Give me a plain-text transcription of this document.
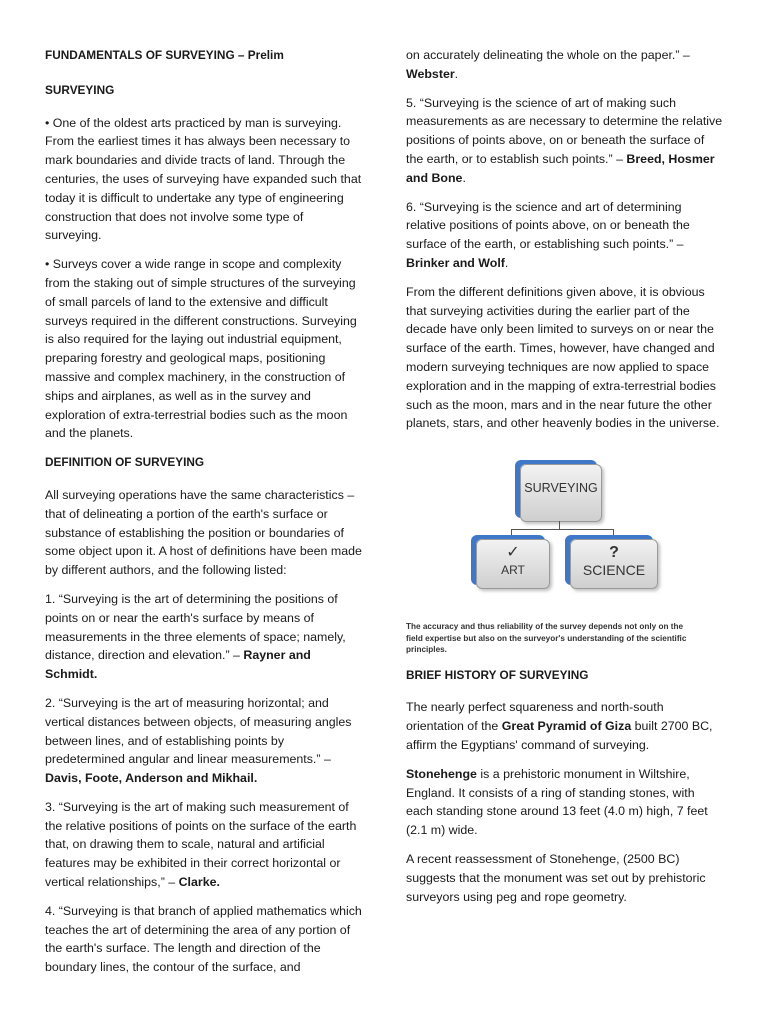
FUNDAMENTALS OF SURVEYING – Prelim

SURVEYING

• One of the oldest arts practiced by man is surveying. From the earliest times it has always been necessary to mark boundaries and divide tracts of land. Through the centuries, the uses of surveying have expanded such that today it is difficult to undertake any type of engineering construction that does not involve some type of surveying.

• Surveys cover a wide range in scope and complexity from the staking out of simple structures of the surveying of small parcels of land to the extensive and difficult surveys required in the different constructions. Surveying is also required for the laying out industrial equipment, preparing forestry and geological maps, positioning massive and complex machinery, in the construction of ships and airplanes, as well as in the survey and exploration of extra-terrestrial bodies such as the moon and the planets.

DEFINITION OF SURVEYING

All surveying operations have the same characteristics – that of delineating a portion of the earth's surface or substance of establishing the position or boundaries of some object upon it. A host of definitions have been made by different authors, and the following listed:

1. “Surveying is the art of determining the positions of points on or near the earth's surface by means of measurements in the three elements of space; namely, distance, direction and elevation.” – Rayner and Schmidt.

2. “Surveying is the art of measuring horizontal; and vertical distances between objects, of measuring angles between lines, and of establishing points by predetermined angular and linear measurements.” – Davis, Foote, Anderson and Mikhail.

3. “Surveying is the art of making such measurement of the relative positions of points on the surface of the earth that, on drawing them to scale, natural and artificial features may be exhibited in their correct horizontal or vertical relationships,” – Clarke.

4. “Surveying is that branch of applied mathematics which teaches the art of determining the area of any portion of the earth's surface. The length and direction of the boundary lines, the contour of the surface, and

on accurately delineating the whole on the paper.” – Webster.

5. “Surveying is the science of art of making such measurements as are necessary to determine the relative positions of points above, on or beneath the surface of the earth, or to establish such points.” – Breed, Hosmer and Bone.

6. “Surveying is the science and art of determining relative positions of points above, on or beneath the surface of the earth, or establishing such points.” – Brinker and Wolf.

From the different definitions given above, it is obvious that surveying activities during the earlier part of the decade have only been limited to surveys on or near the surface of the earth. Times, however, have changed and modern surveying techniques are now applied to space exploration and in the mapping of extra-terrestrial bodies such as the moon, mars and in the near future the other planets, stars, and other heavenly bodies in the universe.

SURVEYING
✓
ART
?
SCIENCE

The accuracy and thus reliability of the survey depends not only on the field expertise but also on the surveyor's understanding of the scientific principles.

BRIEF HISTORY OF SURVEYING

The nearly perfect squareness and north-south orientation of the Great Pyramid of Giza built 2700 BC, affirm the Egyptians' command of surveying.

Stonehenge is a prehistoric monument in Wiltshire, England. It consists of a ring of standing stones, with each standing stone around 13 feet (4.0 m) high, 7 feet (2.1 m) wide.

A recent reassessment of Stonehenge, (2500 BC) suggests that the monument was set out by prehistoric surveyors using peg and rope geometry.
